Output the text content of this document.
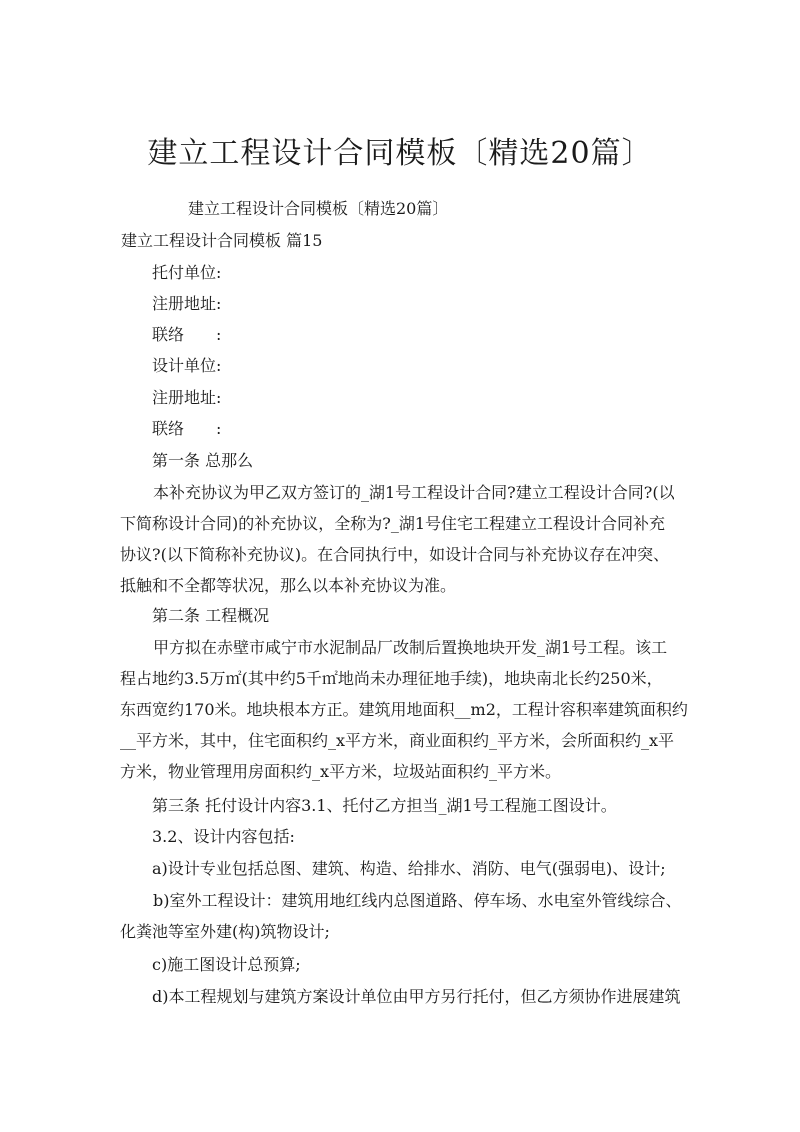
建立工程设计合同模板〔精选20篇〕
建立工程设计合同模板〔精选20篇〕
建立工程设计合同模板 篇15
托付单位:
注册地址:
联络　　:
设计单位:
注册地址:
联络　　:
第一条 总那么
本补充协议为甲乙双方签订的_湖1号工程设计合同?建立工程设计合同?(以
下简称设计合同)的补充协议，全称为?_湖1号住宅工程建立工程设计合同补充
协议?(以下简称补充协议)。在合同执行中，如设计合同与补充协议存在冲突、
抵触和不全都等状况，那么以本补充协议为准。
第二条 工程概况
甲方拟在赤壁市咸宁市水泥制品厂改制后置换地块开发_湖1号工程。该工
程占地约3.5万㎡(其中约5千㎡地尚未办理征地手续)，地块南北长约250米，
东西宽约170米。地块根本方正。建筑用地面积__m2，工程计容积率建筑面积约
__平方米，其中，住宅面积约_x平方米，商业面积约_平方米，会所面积约_x平
方米，物业管理用房面积约_x平方米，垃圾站面积约_平方米。
第三条 托付设计内容3.1、托付乙方担当_湖1号工程施工图设计。
3.2、设计内容包括:
a)设计专业包括总图、建筑、构造、给排水、消防、电气(强弱电)、设计;
b)室外工程设计：建筑用地红线内总图道路、停车场、水电室外管线综合、
化粪池等室外建(构)筑物设计;
c)施工图设计总预算;
d)本工程规划与建筑方案设计单位由甲方另行托付，但乙方须协作进展建筑
